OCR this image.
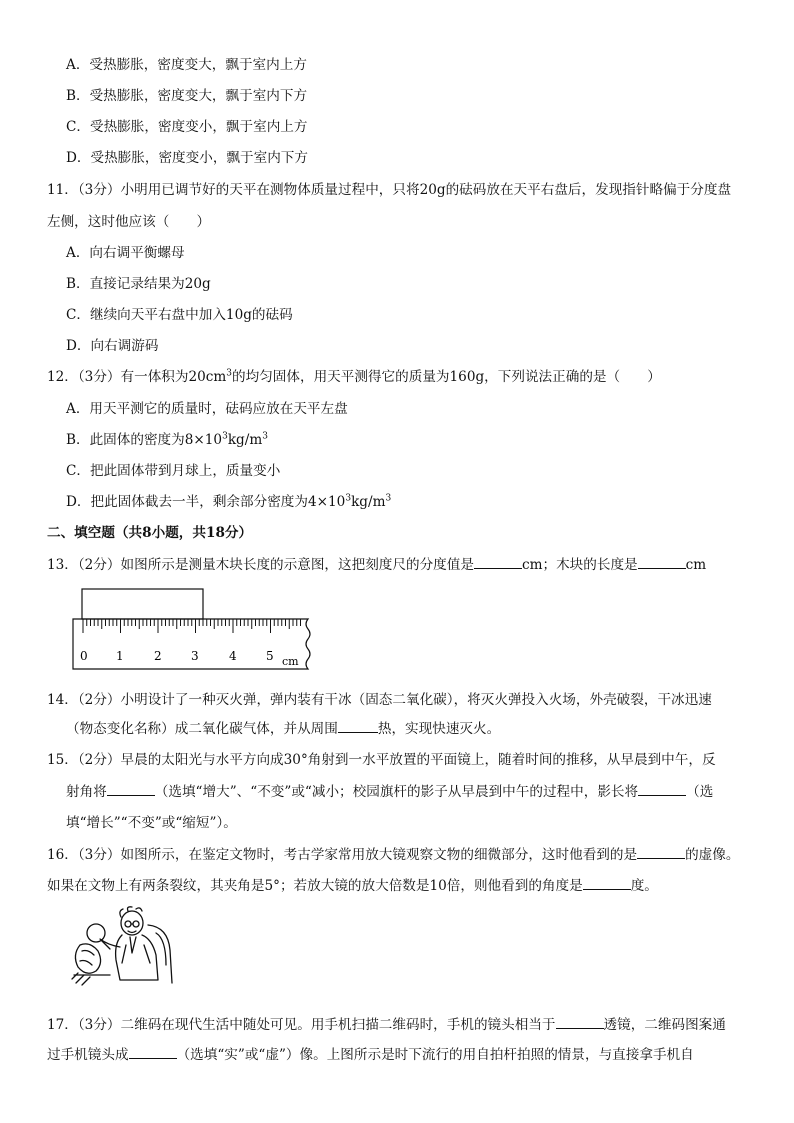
A．受热膨胀，密度变大，飘于室内上方
B．受热膨胀，密度变大，飘于室内下方
C．受热膨胀，密度变小，飘于室内上方
D．受热膨胀，密度变小，飘于室内下方
11．（3分）小明用已调节好的天平在测物体质量过程中，只将20g的砝码放在天平右盘后，发现指针略偏于分度盘
左侧，这时他应该（　　）
A．向右调平衡螺母
B．直接记录结果为20g
C．继续向天平右盘中加入10g的砝码
D．向右调游码
12．（3分）有一体积为$20cm^3$的均匀固体，用天平测得它的质量为160g，下列说法正确的是（　　）
A．用天平测它的质量时，砝码应放在天平左盘
B．此固体的密度为$8\times 10^3kg/m^3$
C．把此固体带到月球上，质量变小
D．把此固体截去一半，剩余部分密度为$4\times 10^3kg/m^3$
二、填空题（共8小题，共18分）
13．（2分）如图所示是测量木块长度的示意图，这把刻度尺的分度值是	cm；木块的长度是	cm
0 1	2 3	4 5 cm
14．（2分）小明设计了一种灭火弹，弹内装有干冰（固态二氧化碳），将灭火弹投入火场，外壳破裂，干冰迅速
（物态变化名称）成二氧化碳气体，并从周围	热，实现快速灭火。
15．（2分）早晨的太阳光与水平方向成30°角射到一水平放置的平面镜上，随着时间的推移，从早晨到中午，反
射角将	（选填“增大”、“不变”或“减小；校园旗杆的影子从早晨到中午的过程中，影长将	（选
填“增长”“不变”或“缩短”）。
16．（3分）如图所示，在鉴定文物时，考古学家常用放大镜观察文物的细微部分，这时他看到的是	的虚像。
如果在文物上有两条裂纹，其夹角是5°；若放大镜的放大倍数是10倍，则他看到的角度是	度。
17．（3分）二维码在现代生活中随处可见。用手机扫描二维码时，手机的镜头相当于	透镜，二维码图案通
过手机镜头成	（选填“实”或“虚”）像。上图所示是时下流行的用自拍杆拍照的情景，与直接拿手机自
